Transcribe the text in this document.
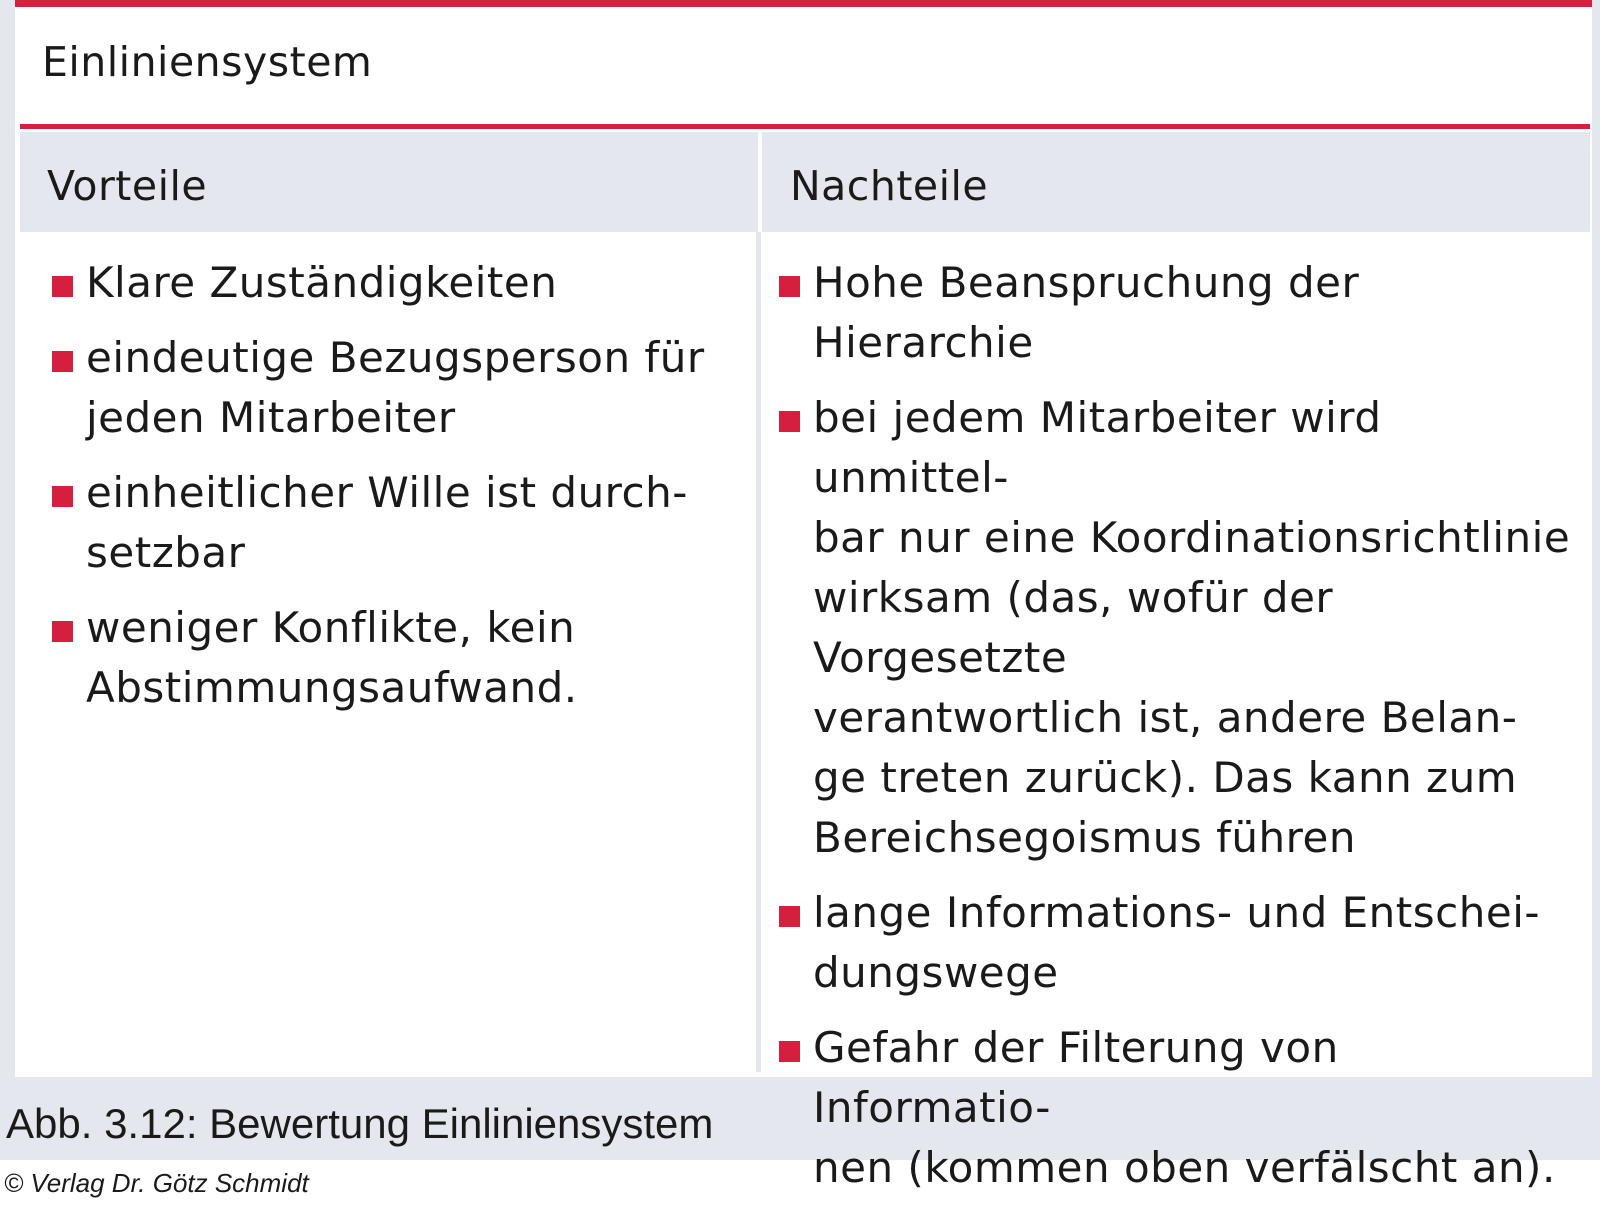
Einliniensystem
Vorteile	Nachteile
Klare Zuständigkeiten
eindeutige Bezugsperson für
jeden Mitarbeiter
einheitlicher Wille ist durch-
setzbar
weniger Konflikte, kein
Abstimmungsaufwand.
Hohe Beanspruchung der
Hierarchie
bei jedem Mitarbeiter wird unmittel-
bar nur eine Koordinationsrichtlinie
wirksam (das, wofür der Vorgesetzte
verantwortlich ist, andere Belan-
ge treten zurück). Das kann zum
Bereichsegoismus führen
lange Informations- und Entschei-
dungswege
Gefahr der Filterung von Informatio-
nen (kommen oben verfälscht an).
Abb. 3.12: Bewertung Einliniensystem
© Verlag Dr. Götz Schmidt
